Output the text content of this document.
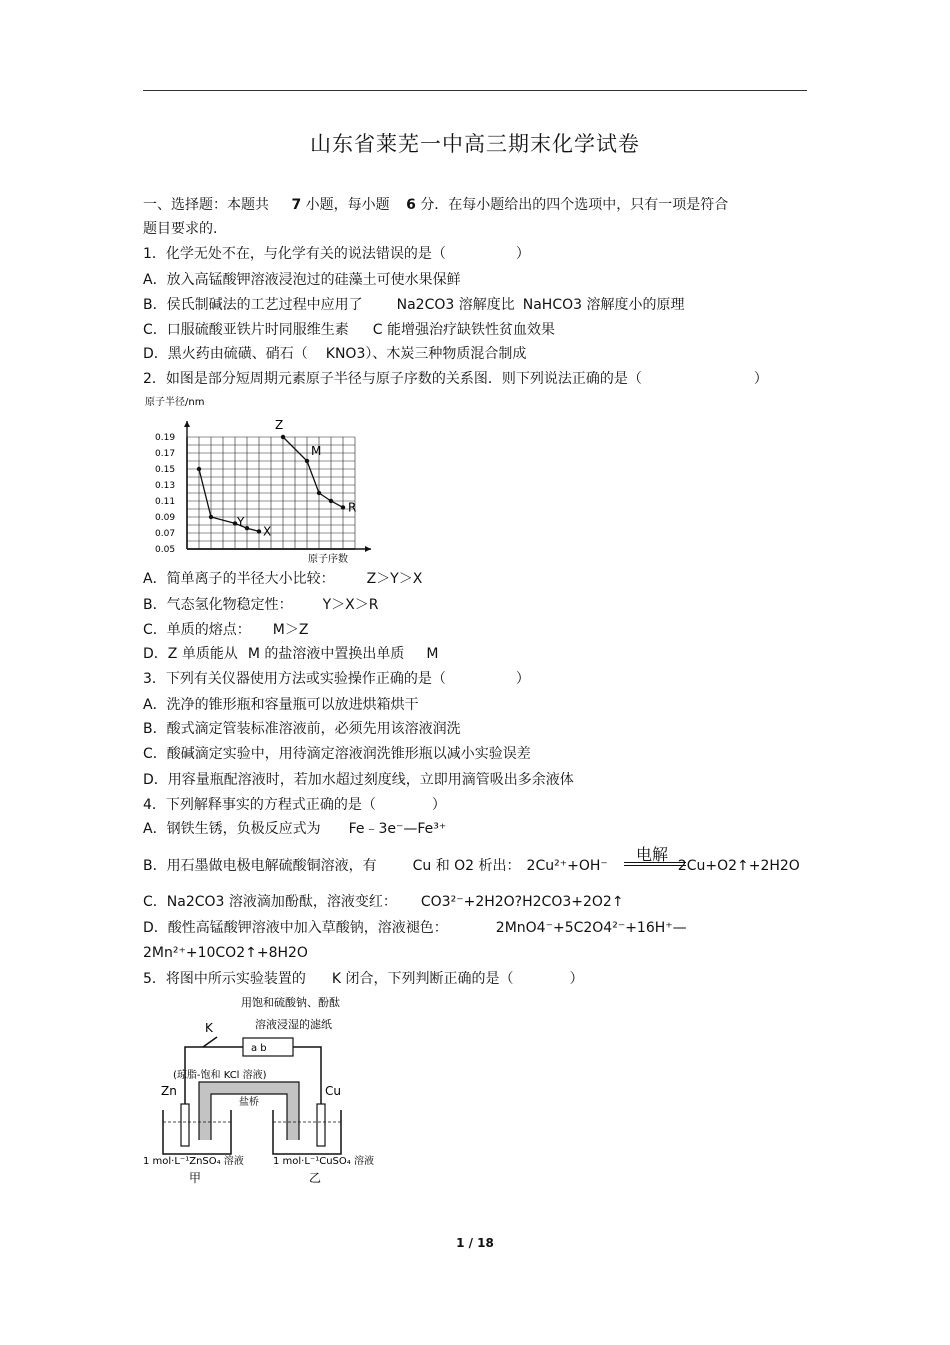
山东省莱芜一中高三期末化学试卷
一、选择题：本题共 7 小题，每小题 6 分．在每小题给出的四个选项中，只有一项是符合
题目要求的.
1．化学无处不在，与化学有关的说法错误的是（　　　　　）
A．放入高锰酸钾溶液浸泡过的硅藻土可使水果保鲜
B．侯氏制碱法的工艺过程中应用了 Na2CO3 溶解度比 NaHCO3 溶解度小的原理
C．口服硫酸亚铁片时同服维生素 C 能增强治疗缺铁性贫血效果
D．黑火药由硫磺、硝石（ KNO3）、木炭三种物质混合制成
2．如图是部分短周期元素原子半径与原子序数的关系图．则下列说法正确的是（　　　　　　　　）
原子半径/nm
0.19
0.17
0.15
0.13
0.11
0.09
0.07
0.05
Y
X
Z
M
R
原子序数
A．简单离子的半径大小比较： Z＞Y＞X
B．气态氢化物稳定性： Y＞X＞R
C．单质的熔点： M＞Z
D．Z 单质能从 M 的盐溶液中置换出单质 M
3．下列有关仪器使用方法或实验操作正确的是（　　　　　）
A．洗净的锥形瓶和容量瓶可以放进烘箱烘干
B．酸式滴定管装标准溶液前，必须先用该溶液润洗
C．酸碱滴定实验中，用待滴定溶液润洗锥形瓶以减小实验误差
D．用容量瓶配溶液时，若加水超过刻度线，立即用滴管吸出多余液体
4．下列解释事实的方程式正确的是（　　　　）
A．钢铁生锈，负极反应式为 Fe﹣3e⁻—Fe³⁺
电解
B．用石墨做电极电解硫酸铜溶液，有	Cu 和 O2 析出： 2Cu²⁺+OH⁻	2Cu+O2↑+2H2O
C．Na2CO3 溶液滴加酚酞，溶液变红： CO3²⁻+2H2O?H2CO3+2O2↑
D．酸性高锰酸钾溶液中加入草酸钠，溶液褪色：	2MnO4⁻+5C2O4²⁻+16H⁺—
2Mn²⁺+10CO2↑+8H2O
5．将图中所示实验装置的 K 闭合，下列判断正确的是（　　　　）
用饱和硫酸钠、酚酞
溶液浸湿的滤纸
K
a b
(琼脂-饱和 KCl 溶液)
盐桥
Zn	Cu
1 mol·L⁻¹ZnSO₄ 溶液	1 mol·L⁻¹CuSO₄ 溶液
甲	乙
1 / 18
